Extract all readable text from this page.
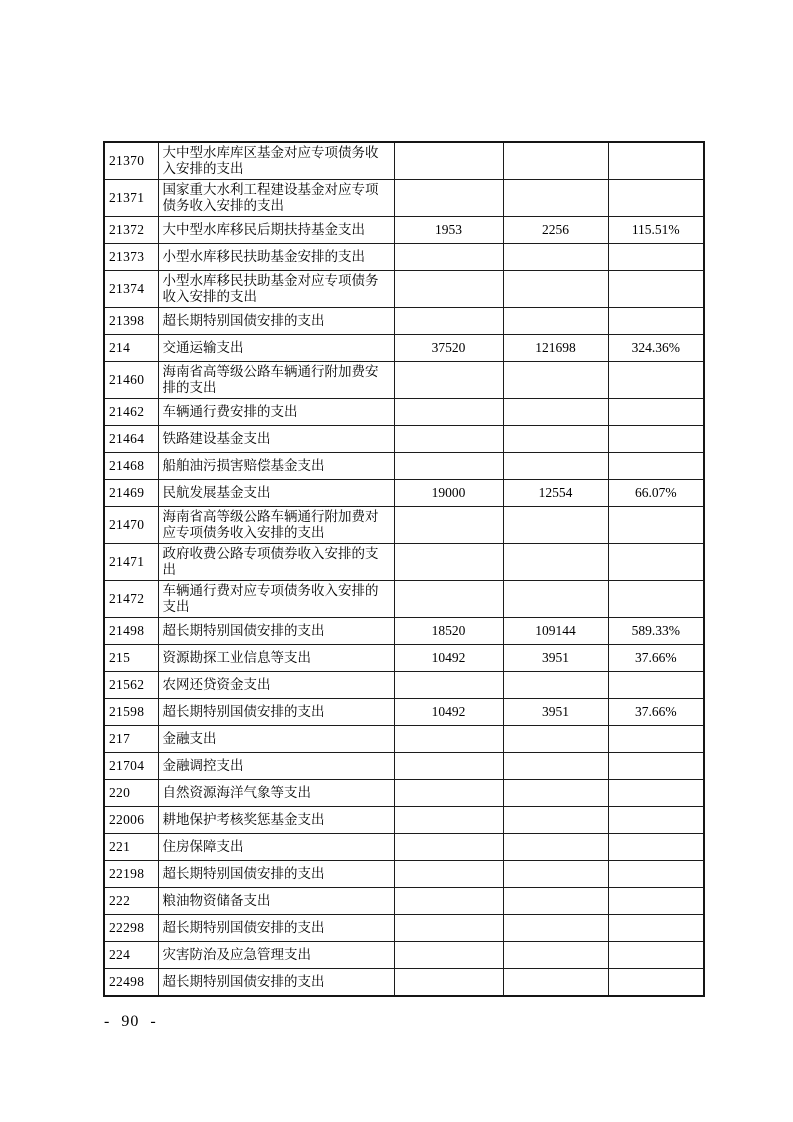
21370	大中型水库库区基金对应专项债务收入安排的支出			
21371	国家重大水利工程建设基金对应专项债务收入安排的支出			
21372	大中型水库移民后期扶持基金支出	1953	2256	115.51%
21373	小型水库移民扶助基金安排的支出			
21374	小型水库移民扶助基金对应专项债务收入安排的支出			
21398	超长期特别国债安排的支出			
214	交通运输支出	37520	121698	324.36%
21460	海南省高等级公路车辆通行附加费安排的支出			
21462	车辆通行费安排的支出			
21464	铁路建设基金支出			
21468	船舶油污损害赔偿基金支出			
21469	民航发展基金支出	19000	12554	66.07%
21470	海南省高等级公路车辆通行附加费对应专项债务收入安排的支出			
21471	政府收费公路专项债券收入安排的支出			
21472	车辆通行费对应专项债务收入安排的支出			
21498	超长期特别国债安排的支出	18520	109144	589.33%
215	资源勘探工业信息等支出	10492	3951	37.66%
21562	农网还贷资金支出			
21598	超长期特别国债安排的支出	10492	3951	37.66%
217	金融支出			
21704	金融调控支出			
220	自然资源海洋气象等支出			
22006	耕地保护考核奖惩基金支出			
221	住房保障支出			
22198	超长期特别国债安排的支出			
222	粮油物资储备支出			
22298	超长期特别国债安排的支出			
224	灾害防治及应急管理支出			
22498	超长期特别国债安排的支出			
- 90 -
